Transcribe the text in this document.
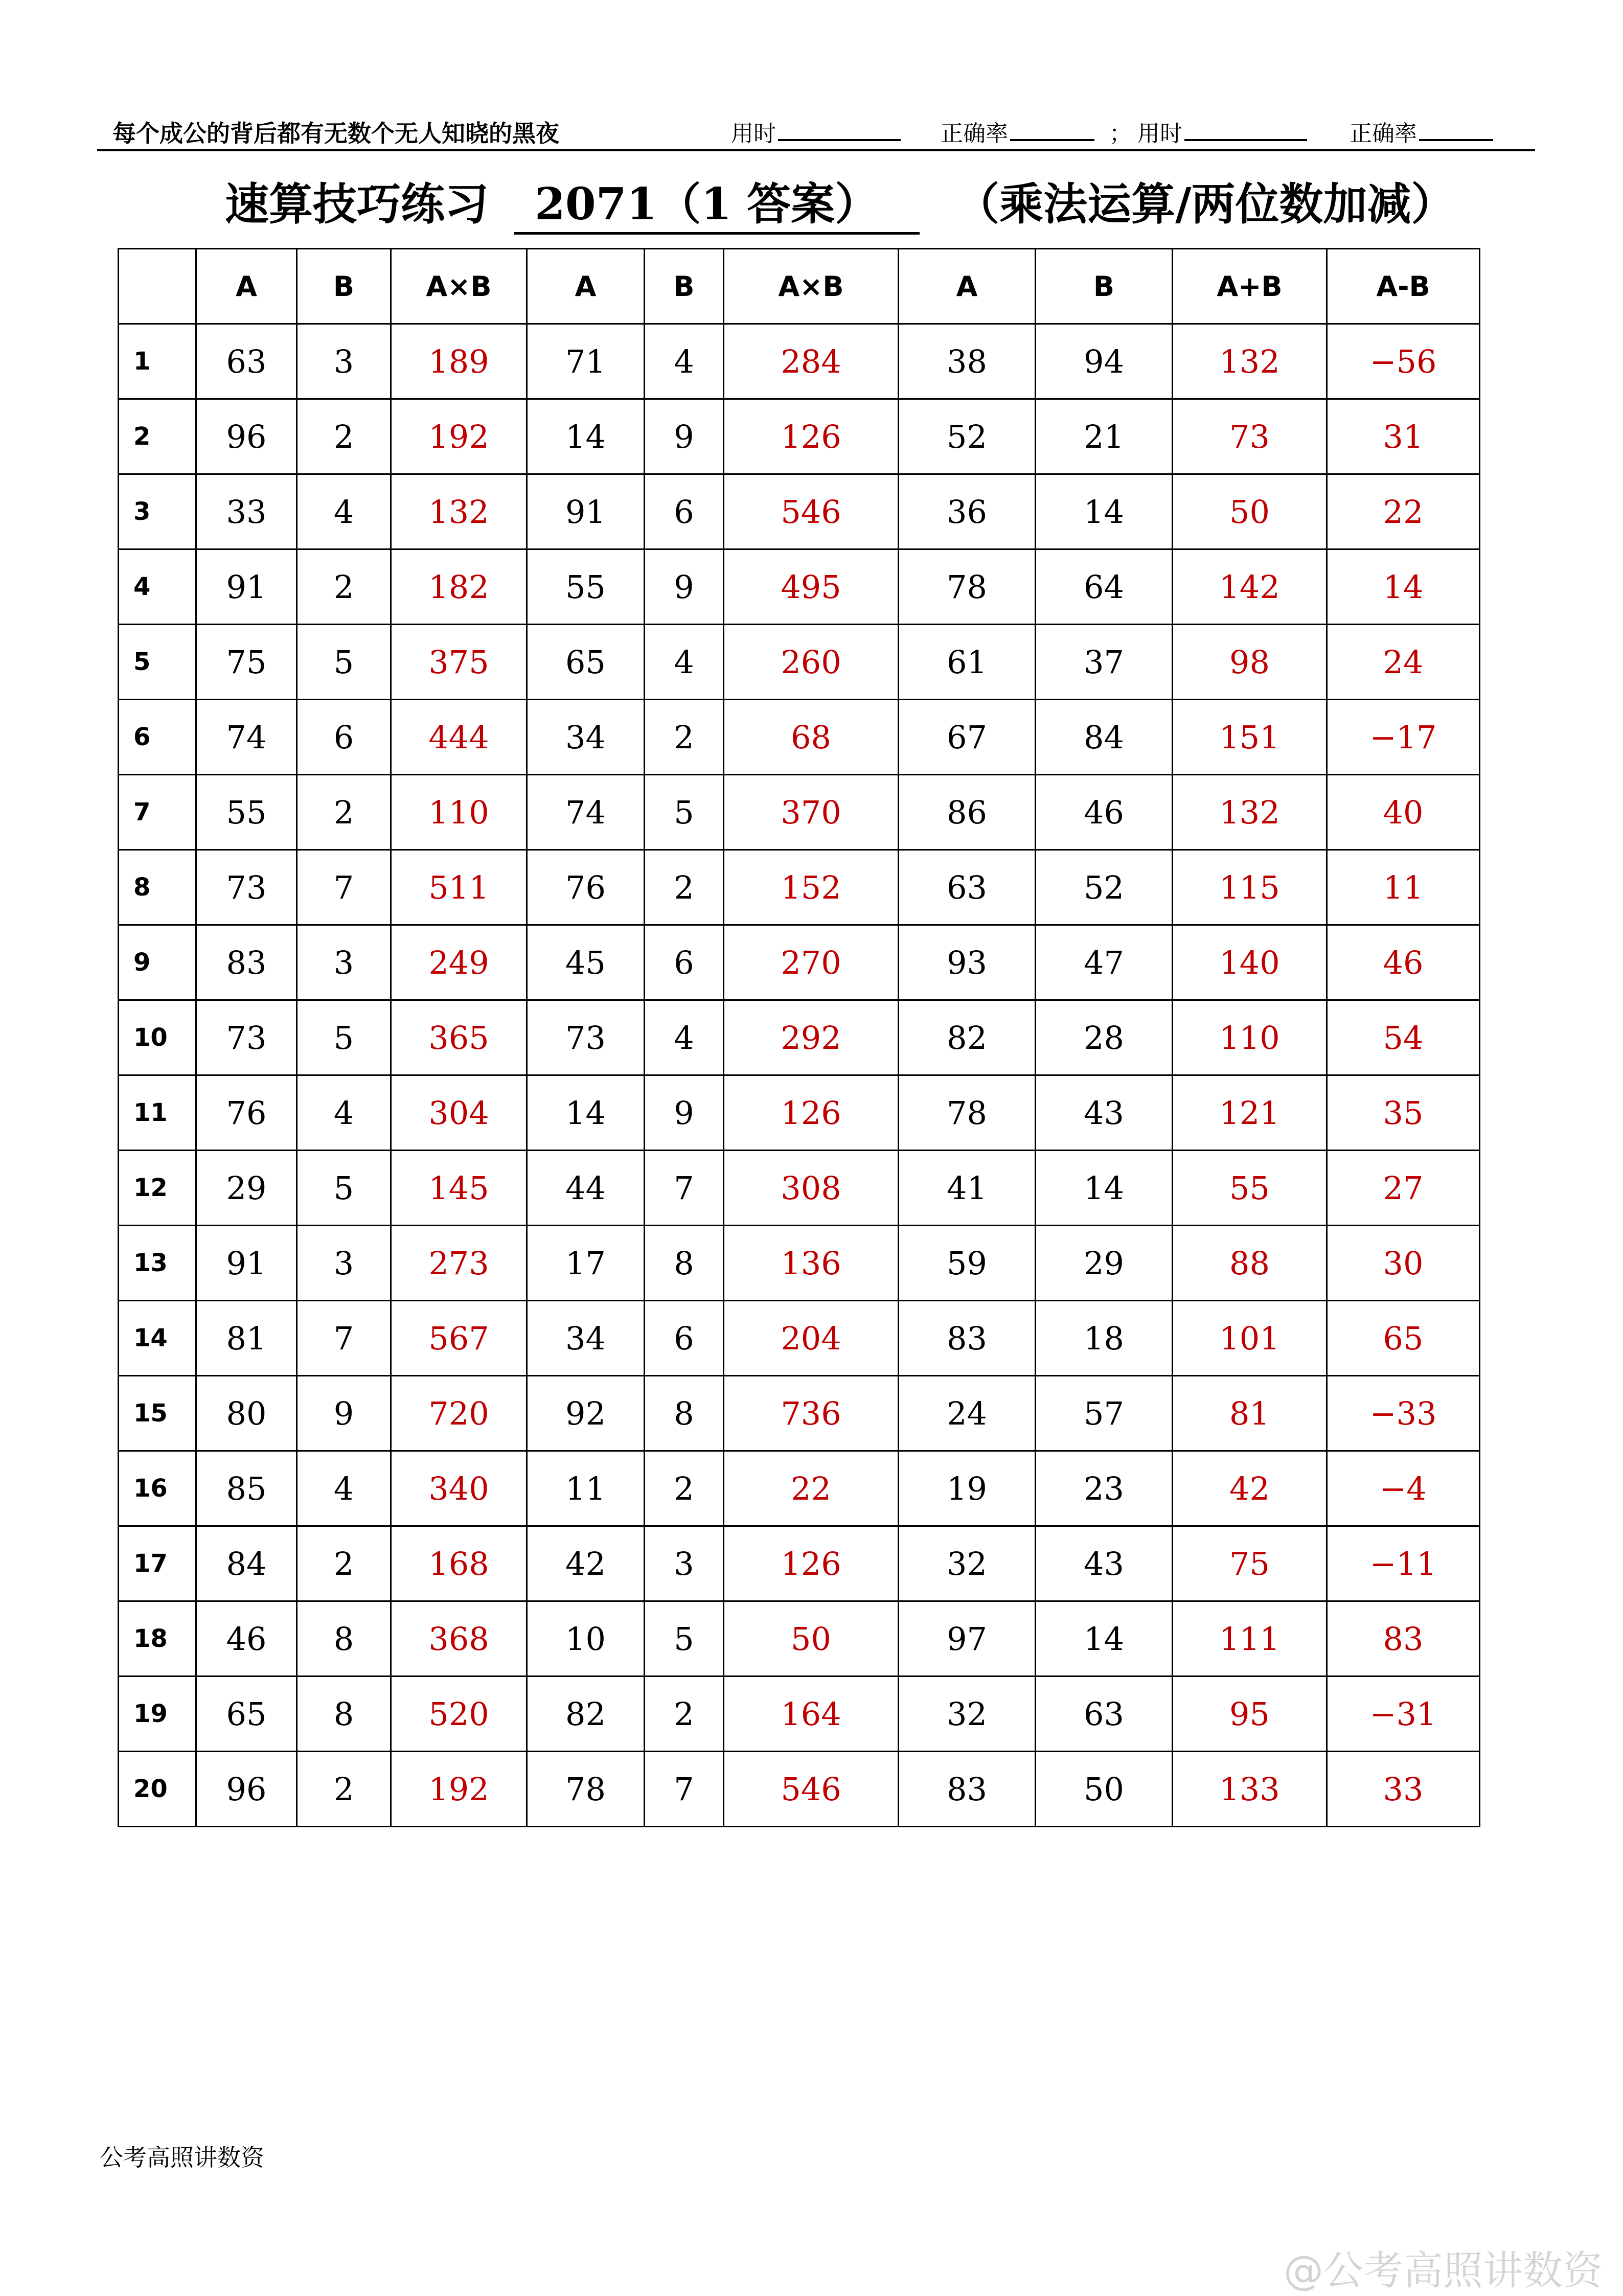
每个成公的背后都有无数个无人知晓的黑夜	用时	正确率	； 用时	正确率
速算技巧练习 2071（1 答案） （乘法运算/两位数加减）
	A	B	A×B	A	B	A×B	A	B	A+B	A-B
1	63	3	189	71	4	284	38	94	132	−56
2	96	2	192	14	9	126	52	21	73	31
3	33	4	132	91	6	546	36	14	50	22
4	91	2	182	55	9	495	78	64	142	14
5	75	5	375	65	4	260	61	37	98	24
6	74	6	444	34	2	68	67	84	151	−17
7	55	2	110	74	5	370	86	46	132	40
8	73	7	511	76	2	152	63	52	115	11
9	83	3	249	45	6	270	93	47	140	46
10	73	5	365	73	4	292	82	28	110	54
11	76	4	304	14	9	126	78	43	121	35
12	29	5	145	44	7	308	41	14	55	27
13	91	3	273	17	8	136	59	29	88	30
14	81	7	567	34	6	204	83	18	101	65
15	80	9	720	92	8	736	24	57	81	−33
16	85	4	340	11	2	22	19	23	42	−4
17	84	2	168	42	3	126	32	43	75	−11
18	46	8	368	10	5	50	97	14	111	83
19	65	8	520	82	2	164	32	63	95	−31
20	96	2	192	78	7	546	83	50	133	33
公考高照讲数资
@公考高照讲数资
